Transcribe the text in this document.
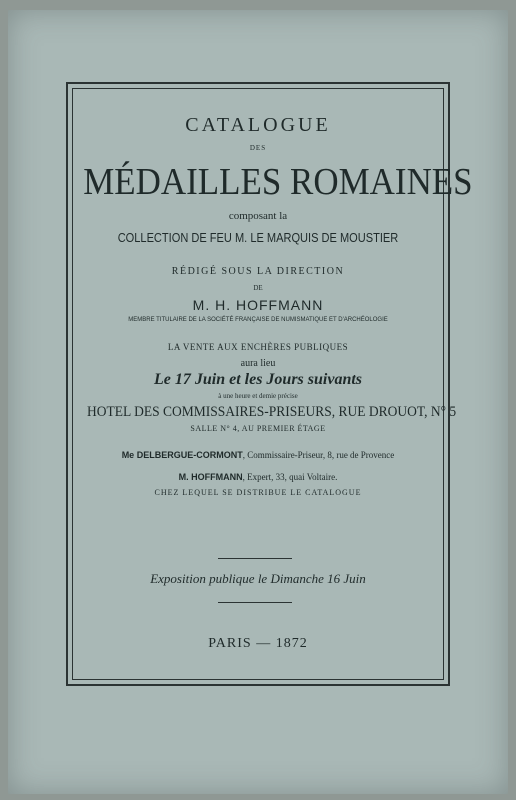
CATALOGUE
DES
MÉDAILLES ROMAINES
composant la
COLLECTION DE FEU M. LE MARQUIS DE MOUSTIER
RÉDIGÉ SOUS LA DIRECTION
DE
M. H. HOFFMANN
MEMBRE TITULAIRE DE LA SOCIÉTÉ FRANÇAISE DE NUMISMATIQUE ET D'ARCHÉOLOGIE
LA VENTE AUX ENCHÈRES PUBLIQUES
aura lieu
Le 17 Juin et les Jours suivants
à une heure et demie précise
HOTEL DES COMMISSAIRES-PRISEURS, RUE DROUOT, N° 5
SALLE N° 4, AU PREMIER ÉTAGE
Me DELBERGUE-CORMONT, Commissaire-Priseur, 8, rue de Provence
M. HOFFMANN, Expert, 33, quai Voltaire.
CHEZ LEQUEL SE DISTRIBUE LE CATALOGUE
Exposition publique le Dimanche 16 Juin
PARIS — 1872
